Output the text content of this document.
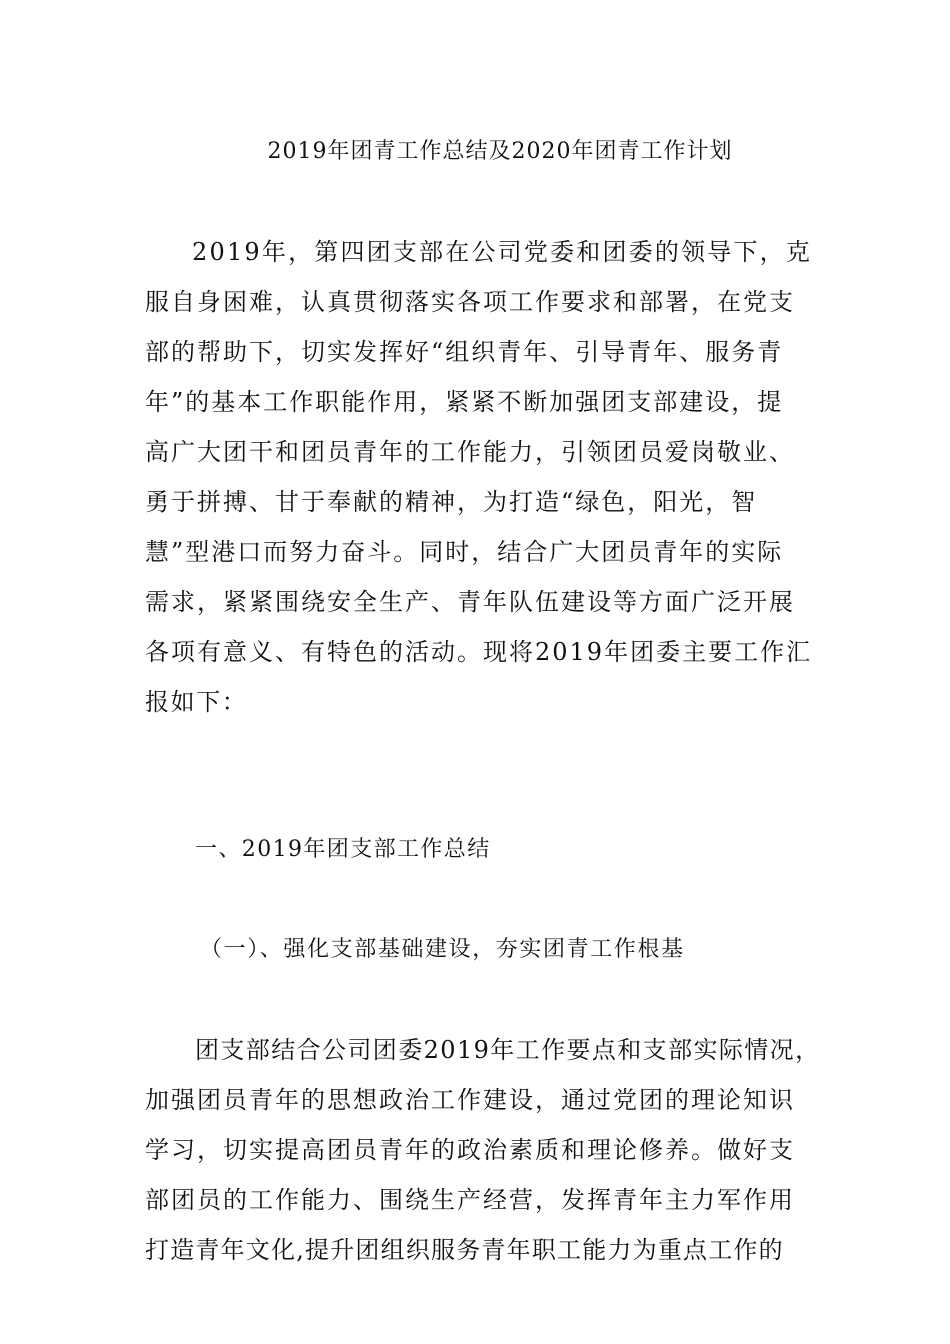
2019年团青工作总结及2020年团青工作计划
2019年，第四团支部在公司党委和团委的领导下，克
服自身困难，认真贯彻落实各项工作要求和部署，在党支
部的帮助下，切实发挥好“组织青年、引导青年、服务青
年”的基本工作职能作用，紧紧不断加强团支部建设，提
高广大团干和团员青年的工作能力，引领团员爱岗敬业、
勇于拼搏、甘于奉献的精神，为打造“绿色，阳光，智
慧”型港口而努力奋斗。同时，结合广大团员青年的实际
需求，紧紧围绕安全生产、青年队伍建设等方面广泛开展
各项有意义、有特色的活动。现将2019年团委主要工作汇
报如下：
一、2019年团支部工作总结
（一）、强化支部基础建设，夯实团青工作根基
团支部结合公司团委2019年工作要点和支部实际情况，
加强团员青年的思想政治工作建设，通过党团的理论知识
学习，切实提高团员青年的政治素质和理论修养。做好支
部团员的工作能力、围绕生产经营，发挥青年主力军作用
打造青年文化,提升团组织服务青年职工能力为重点工作的
